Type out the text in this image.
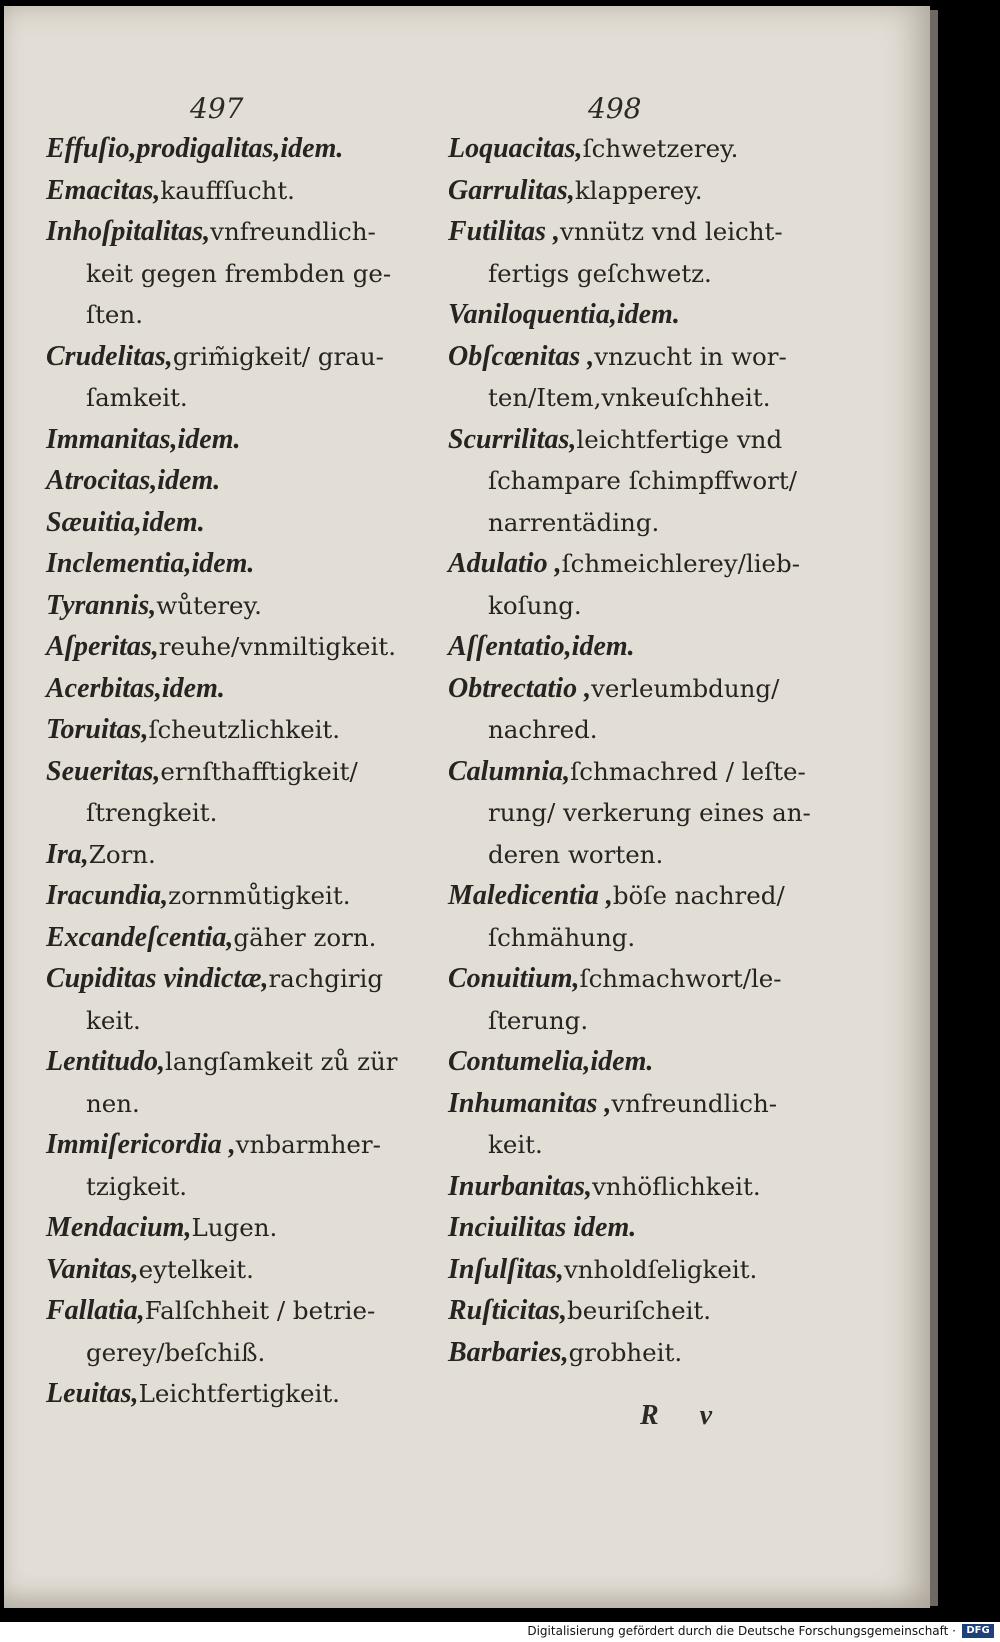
497	498
Effuſio,prodigalitas,idem.
Emacitas,kauffſucht.
Inhoſpitalitas,vnfreundlich-
keit gegen frembden ge-
ſten.
Crudelitas,grim̃igkeit/ grau-
ſamkeit.
Immanitas,idem.
Atrocitas,idem.
Sæuitia,idem.
Inclementia,idem.
Tyrannis,wůterey.
Aſperitas,reuhe/vnmiltigkeit.
Acerbitas,idem.
Toruitas,ſcheutzlichkeit.
Seueritas,ernſthafftigkeit/
ſtrengkeit.
Ira,Zorn.
Iracundia,zornmůtigkeit.
Excandeſcentia,gäher zorn.
Cupiditas vindictæ,rachgirig
keit.
Lentitudo,langſamkeit zů zür
nen.
Immiſericordia ,vnbarmher-
tzigkeit.
Mendacium,Lugen.
Vanitas,eytelkeit.
Fallatia,Falſchheit / betrie-
gerey/beſchiß.
Leuitas,Leichtfertigkeit.
Loquacitas,ſchwetzerey.
Garrulitas,klapperey.
Futilitas ,vnnütz vnd leicht-
fertigs geſchwetz.
Vaniloquentia,idem.
Obſcœnitas ,vnzucht in wor-
ten/Item,vnkeuſchheit.
Scurrilitas,leichtfertige vnd
ſchampare ſchimpffwort/
narrentäding.
Adulatio ,ſchmeichlerey/lieb-
koſung.
Aſſentatio,idem.
Obtrectatio ,verleumbdung/
nachred.
Calumnia,ſchmachred / leſte-
rung/ verkerung eines an-
deren worten.
Maledicentia ,böſe nachred/
ſchmähung.
Conuitium,ſchmachwort/le-
ſterung.
Contumelia,idem.
Inhumanitas ,vnfreundlich-
keit.
Inurbanitas,vnhöflichkeit.
Inciuilitas idem.
Inſulſitas,vnholdſeligkeit.
Ruſticitas,beuriſcheit.
Barbaries,grobheit.
R v
Digitalisierung gefördert durch die Deutsche Forschungsgemeinschaft ·	DFG
